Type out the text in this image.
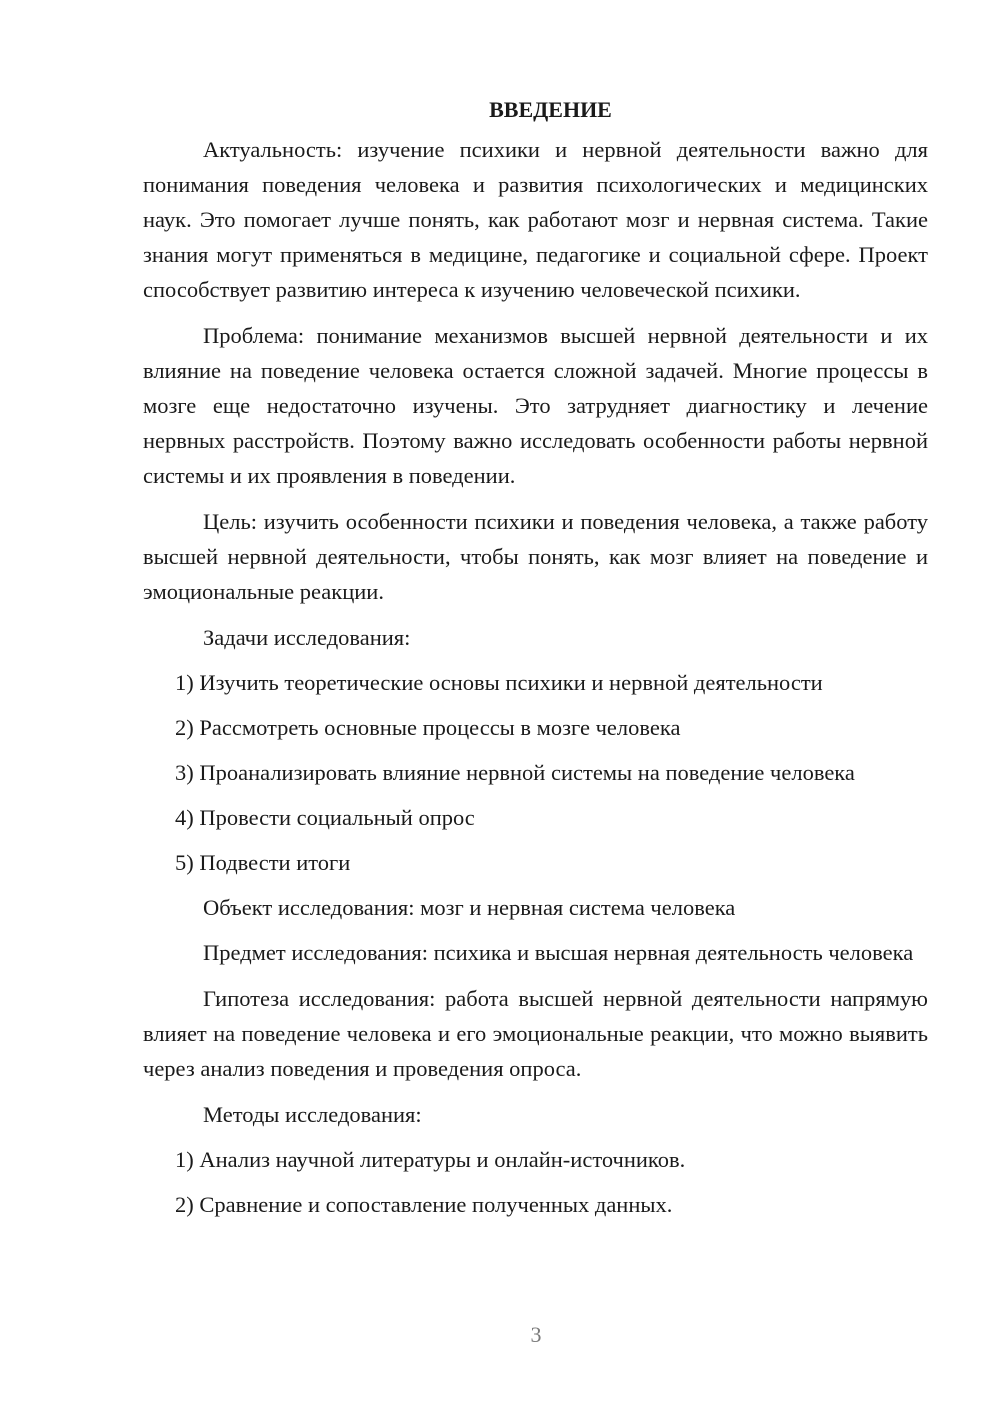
ВВЕДЕНИЕ

Актуальность: изучение психики и нервной деятельности важно для понимания поведения человека и развития психологических и медицинских наук. Это помогает лучше понять, как работают мозг и нервная система. Такие знания могут применяться в медицине, педагогике и социальной сфере. Проект способствует развитию интереса к изучению человеческой психики.

Проблема: понимание механизмов высшей нервной деятельности и их влияние на поведение человека остается сложной задачей. Многие процессы в мозге еще недостаточно изучены. Это затрудняет диагностику и лечение нервных расстройств. Поэтому важно исследовать особенности работы нервной системы и их проявления в поведении.

Цель: изучить особенности психики и поведения человека, а также работу высшей нервной деятельности, чтобы понять, как мозг влияет на поведение и эмоциональные реакции.

Задачи исследования:

1) Изучить теоретические основы психики и нервной деятельности

2) Рассмотреть основные процессы в мозге человека

3) Проанализировать влияние нервной системы на поведение человека

4) Провести социальный опрос

5) Подвести итоги

Объект исследования: мозг и нервная система человека

Предмет исследования: психика и высшая нервная деятельность человека

Гипотеза исследования: работа высшей нервной деятельности напрямую влияет на поведение человека и его эмоциональные реакции, что можно выявить через анализ поведения и проведения опроса.

Методы исследования:

1) Анализ научной литературы и онлайн-источников.

2) Сравнение и сопоставление полученных данных.

3
